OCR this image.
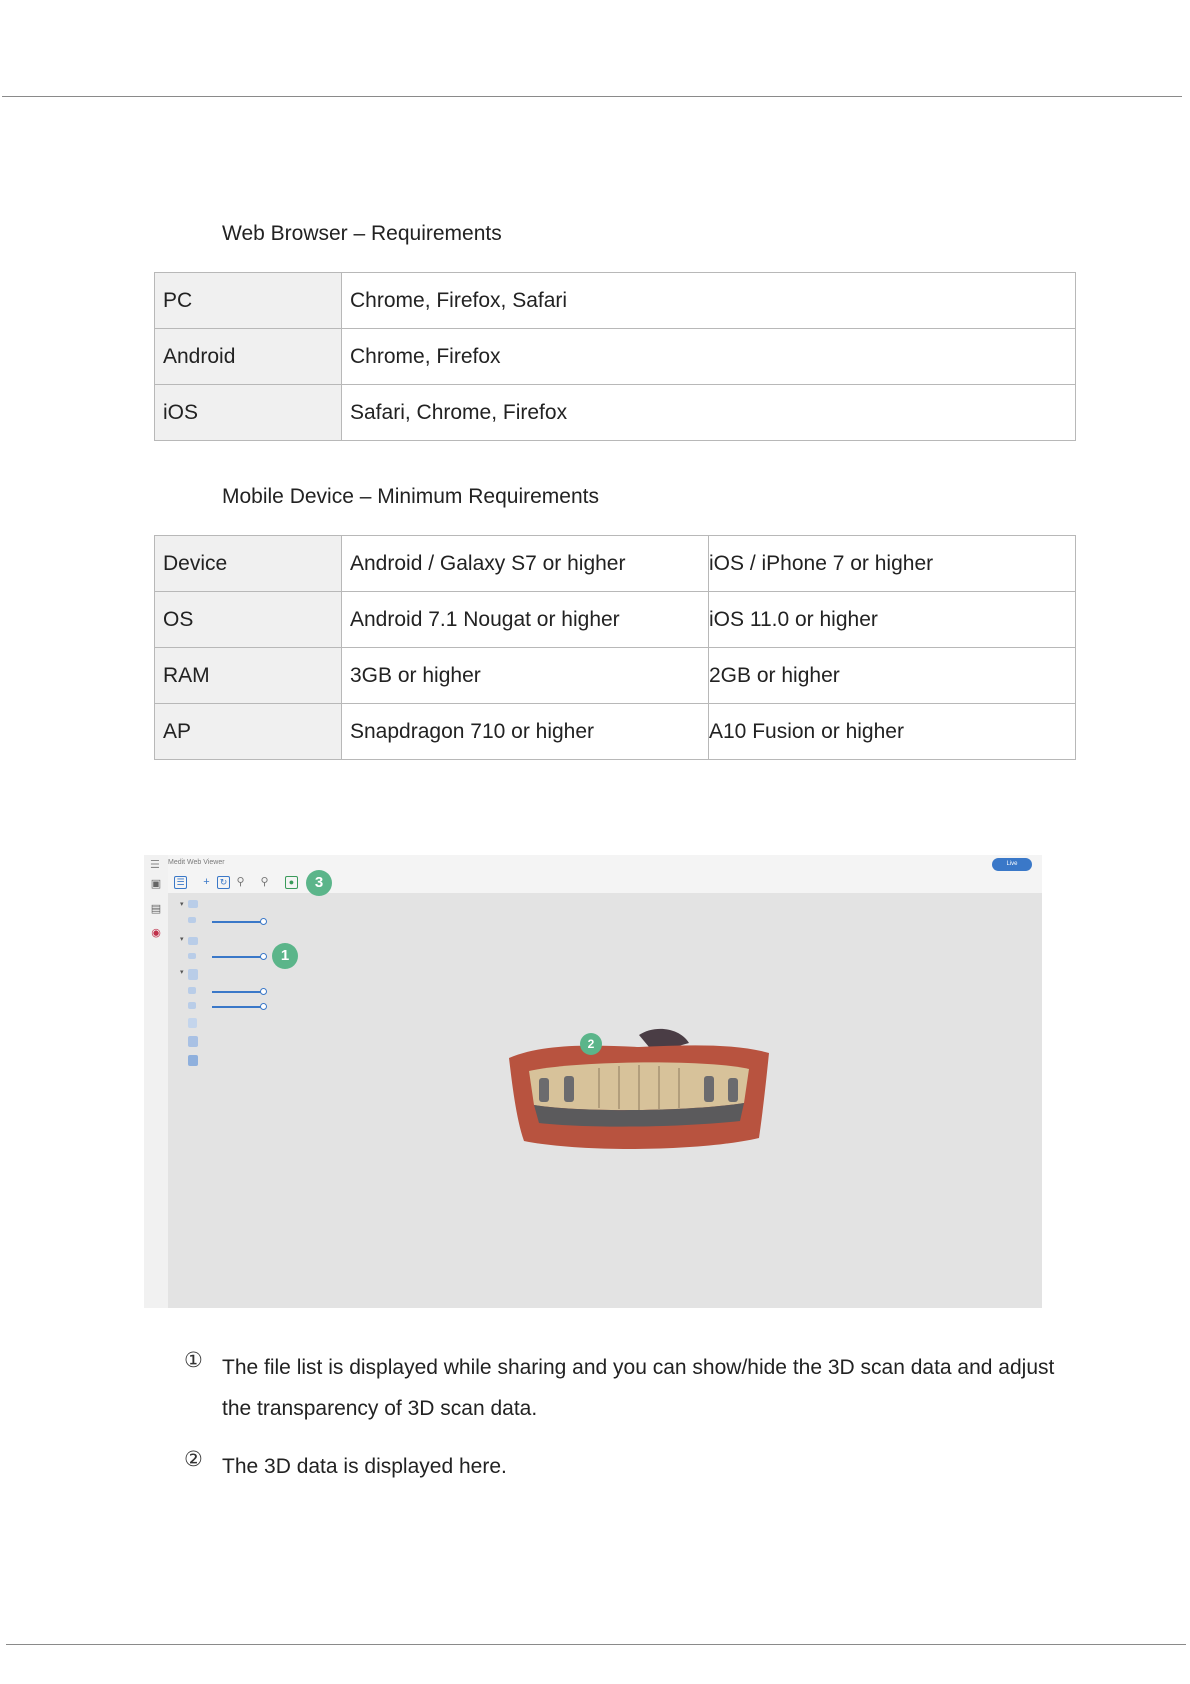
Web Browser – Requirements
PC	Chrome, Firefox, Safari
Android	Chrome, Firefox
iOS	Safari, Chrome, Firefox
Mobile Device – Minimum Requirements
Device	Android / Galaxy S7 or higher	iOS / iPhone 7 or higher
OS	Android 7.1 Nougat or higher	iOS 11.0 or higher
RAM	3GB or higher	2GB or higher
AP	Snapdragon 710 or higher	A10 Fusion or higher
☰ Medit Web Viewer	Live
☰ +	↻ ⚲ ⚲	●	3
▣
▤
◉
▾
▾
1
▾
2
① The file list is displayed while sharing and you can show/hide the 3D scan data and adjust the transparency of 3D scan data.
② The 3D data is displayed here.
